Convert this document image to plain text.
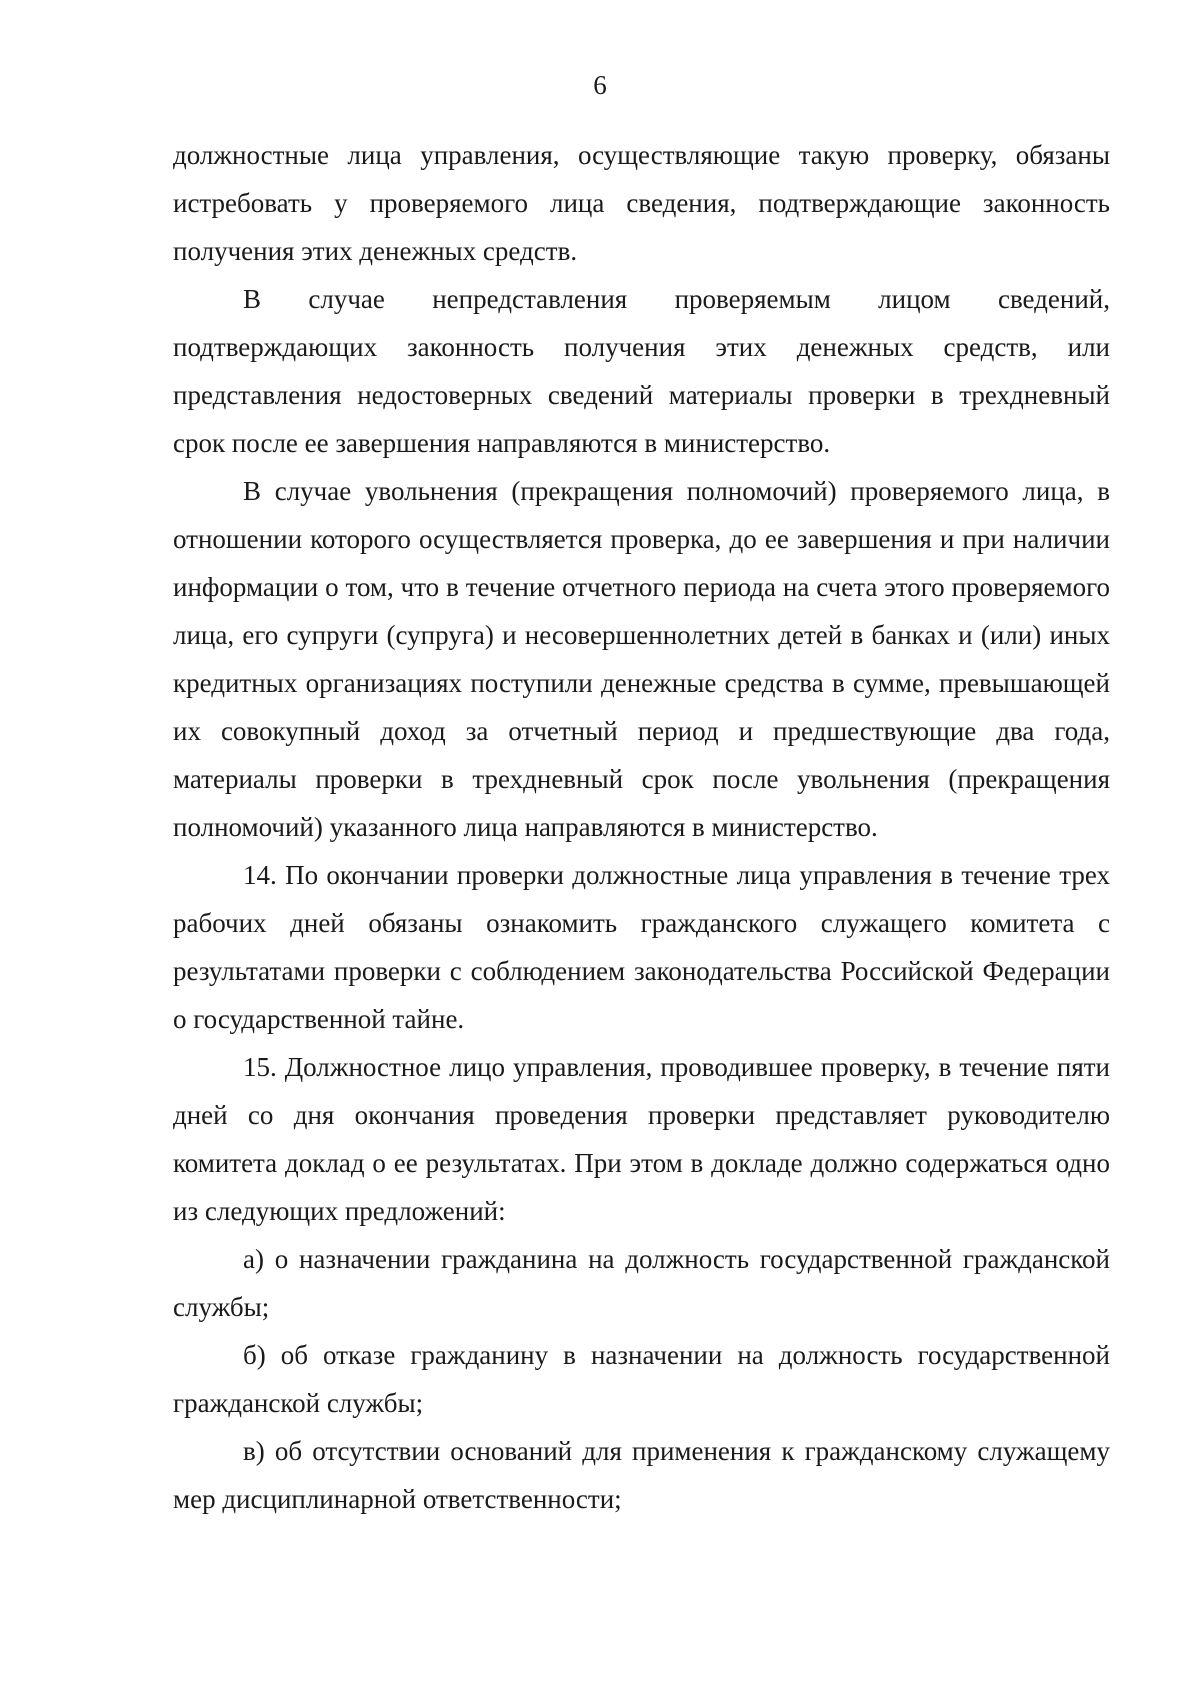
6

должностные лица управления, осуществляющие такую проверку, обязаны истребовать у проверяемого лица сведения, подтверждающие законность получения этих денежных средств.

В случае непредставления проверяемым лицом сведений, подтверждающих законность получения этих денежных средств, или представления недостоверных сведений материалы проверки в трехдневный срок после ее завершения направляются в министерство.

В случае увольнения (прекращения полномочий) проверяемого лица, в отношении которого осуществляется проверка, до ее завершения и при наличии информации о том, что в течение отчетного периода на счета этого проверяемого лица, его супруги (супруга) и несовершеннолетних детей в банках и (или) иных кредитных организациях поступили денежные средства в сумме, превышающей их совокупный доход за отчетный период и предшествующие два года, материалы проверки в трехдневный срок после увольнения (прекращения полномочий) указанного лица направляются в министерство.

14. По окончании проверки должностные лица управления в течение трех рабочих дней обязаны ознакомить гражданского служащего комитета с результатами проверки с соблюдением законодательства Российской Федерации о государственной тайне.

15. Должностное лицо управления, проводившее проверку, в течение пяти дней со дня окончания проведения проверки представляет руководителю комитета доклад о ее результатах. При этом в докладе должно содержаться одно из следующих предложений:

а) о назначении гражданина на должность государственной гражданской службы;

б) об отказе гражданину в назначении на должность государственной гражданской службы;

в) об отсутствии оснований для применения к гражданскому служащему мер дисциплинарной ответственности;
